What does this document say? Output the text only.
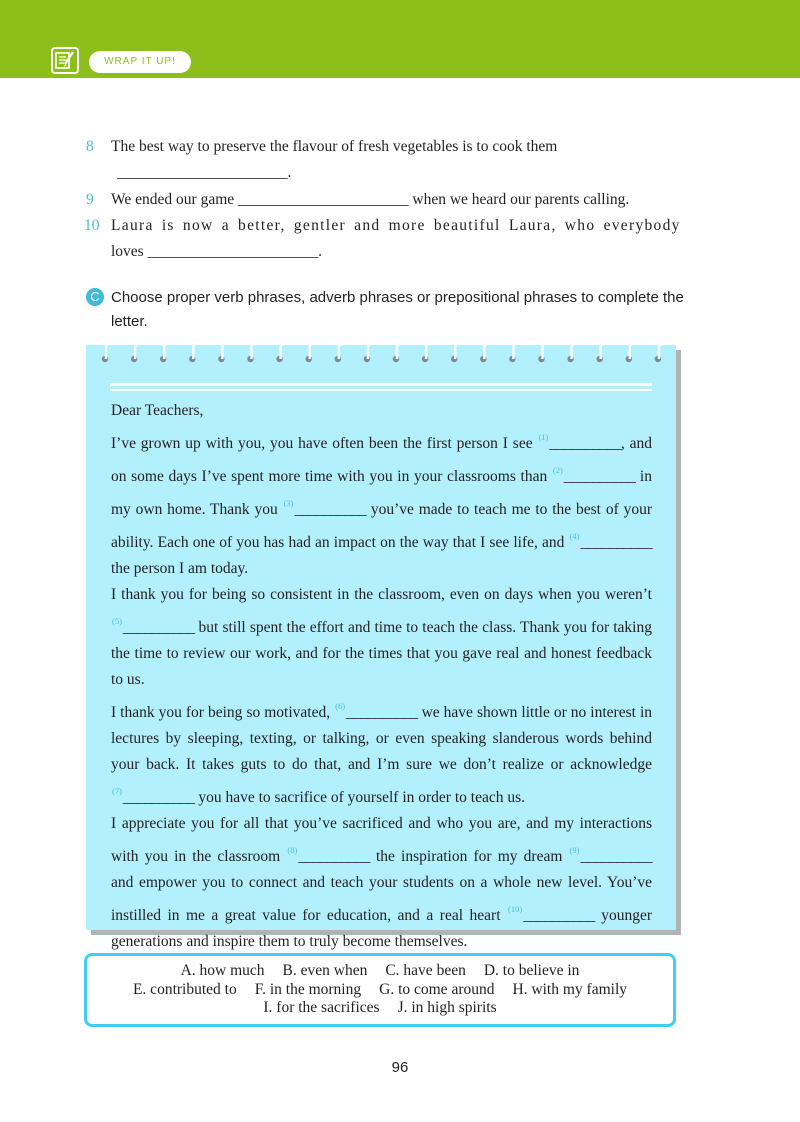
WRAP IT UP!
8 The best way to preserve the flavour of fresh vegetables is to cook them
______________________.
9 We ended our game ______________________ when we heard our parents calling.
10 Laura is now a better, gentler and more beautiful Laura, who everybody
loves ______________________.
C Choose proper verb phrases, adverb phrases or prepositional phrases to complete the letter.

Dear Teachers,

I’ve grown up with you, you have often been the first person I see $^{(1)}$__________, and on some days I’ve spent more time with you in your classrooms than $^{(2)}$__________ in my own home. Thank you $^{(3)}$__________ you’ve made to teach me to the best of your ability. Each one of you has had an impact on the way that I see life, and $^{(4)}$__________ the person I am today.

I thank you for being so consistent in the classroom, even on days when you weren’t $^{(5)}$__________ but still spent the effort and time to teach the class. Thank you for taking the time to review our work, and for the times that you gave real and honest feedback to us.

I thank you for being so motivated, $^{(6)}$__________ we have shown little or no interest in lectures by sleeping, texting, or talking, or even speaking slanderous words behind your back. It takes guts to do that, and I’m sure we don’t realize or acknowledge $^{(7)}$__________ you have to sacrifice of yourself in order to teach us.

I appreciate you for all that you’ve sacrificed and who you are, and my interactions with you in the classroom $^{(8)}$__________ the inspiration for my dream $^{(9)}$__________ and empower you to connect and teach your students on a whole new level. You’ve instilled in me a great value for education, and a real heart $^{(10)}$__________ younger generations and inspire them to truly become themselves.

A. how much B. even when C. have been D. to believe in
E. contributed to F. in the morning G. to come around H. with my family
I. for the sacrifices J. in high spirits
96
